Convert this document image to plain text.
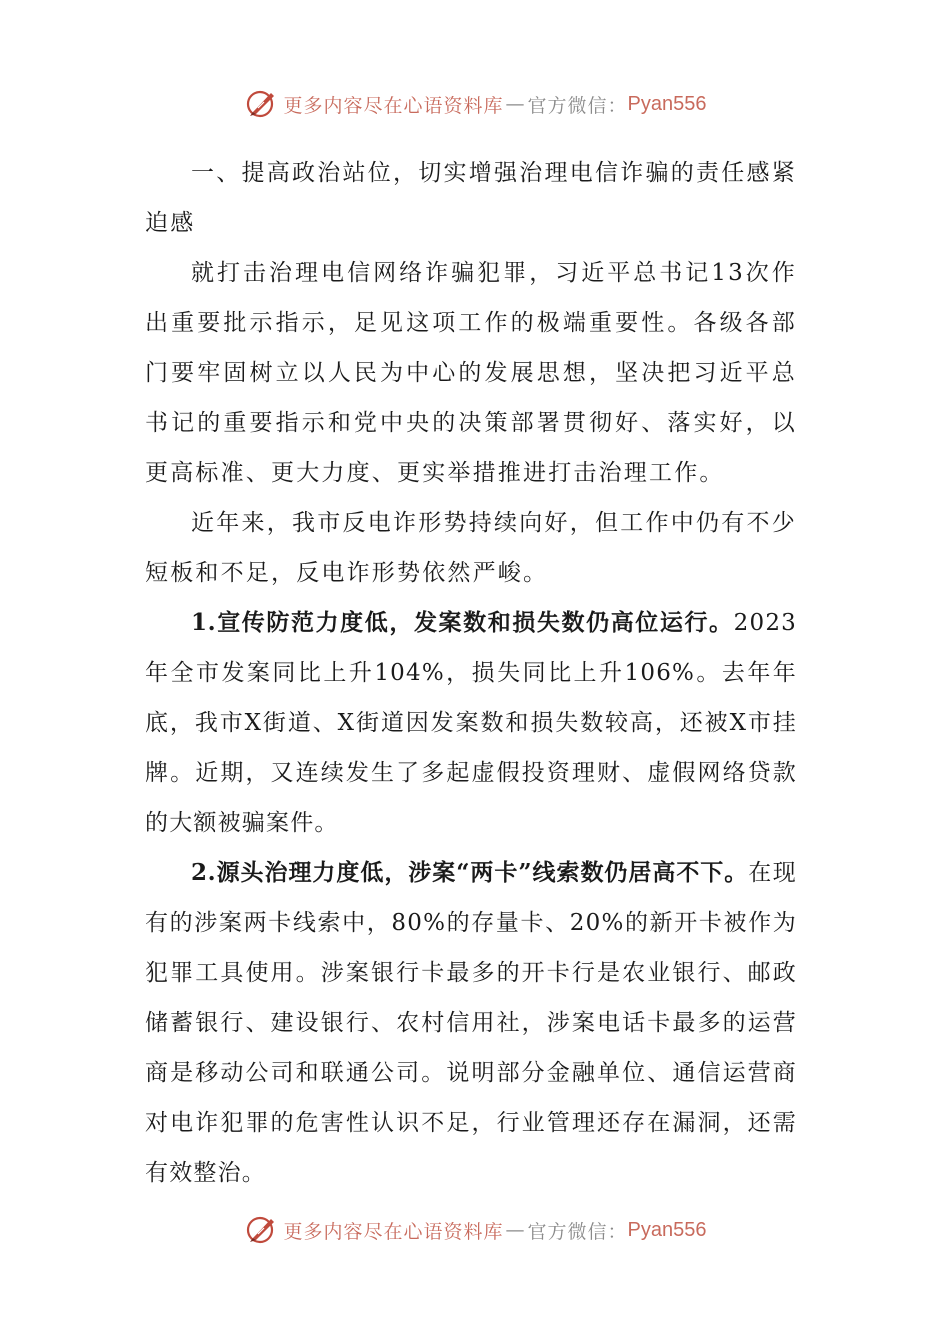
更多内容尽在心语资料库 — 官方微信： Pyan556

一、提高政治站位，切实增强治理电信诈骗的责任感紧迫感

就打击治理电信网络诈骗犯罪，习近平总书记13次作出重要批示指示，足见这项工作的极端重要性。各级各部门要牢固树立以人民为中心的发展思想，坚决把习近平总书记的重要指示和党中央的决策部署贯彻好、落实好，以更高标准、更大力度、更实举措推进打击治理工作。

近年来，我市反电诈形势持续向好，但工作中仍有不少短板和不足，反电诈形势依然严峻。

1.宣传防范力度低，发案数和损失数仍高位运行。2023年全市发案同比上升104%，损失同比上升106%。去年年底，我市X街道、X街道因发案数和损失数较高，还被X市挂牌。近期，又连续发生了多起虚假投资理财、虚假网络贷款的大额被骗案件。

2.源头治理力度低，涉案“两卡”线索数仍居高不下。在现有的涉案两卡线索中，80%的存量卡、20%的新开卡被作为犯罪工具使用。涉案银行卡最多的开卡行是农业银行、邮政储蓄银行、建设银行、农村信用社，涉案电话卡最多的运营商是移动公司和联通公司。说明部分金融单位、通信运营商对电诈犯罪的危害性认识不足，行业管理还存在漏洞，还需有效整治。

更多内容尽在心语资料库 — 官方微信： Pyan556
